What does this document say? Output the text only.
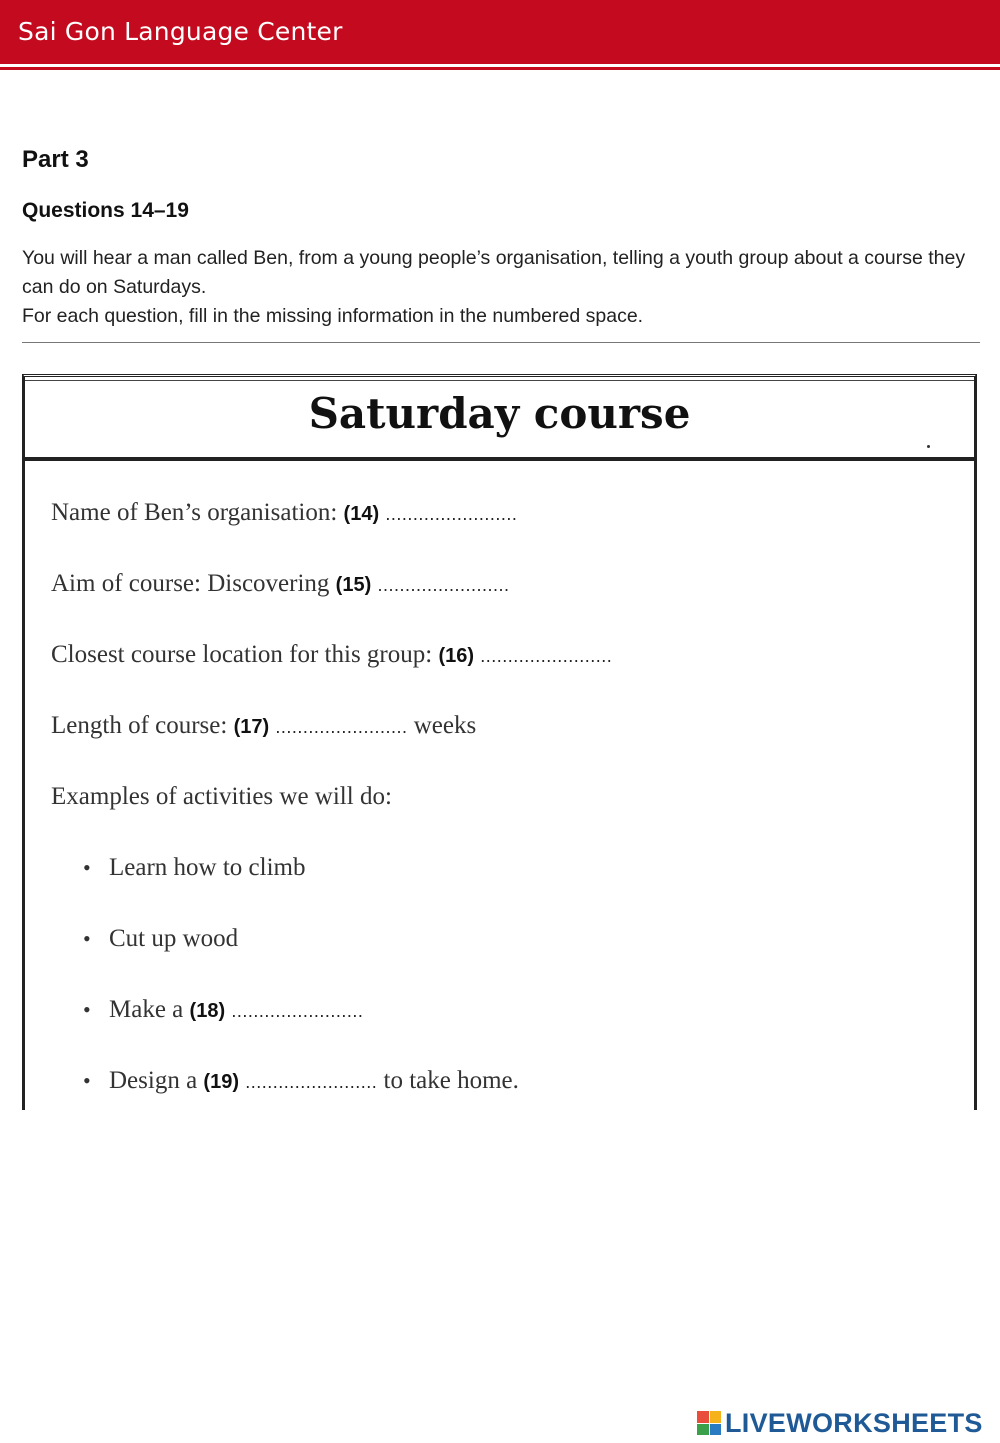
Sai Gon Language Center
Part 3
Questions 14–19

You will hear a man called Ben, from a young people’s organisation, telling a youth group about a course they can do on Saturdays.

For each question, fill in the missing information in the numbered space.

Saturday course
Name of Ben’s organisation: (14) ........................
Aim of course: Discovering (15) ........................
Closest course location for this group: (16) ........................
Length of course: (17) ........................ weeks
Examples of activities we will do:
• Learn how to climb
• Cut up wood
• Make a (18) ........................
• Design a (19) ........................ to take home.
LIVEWORKSHEETS
